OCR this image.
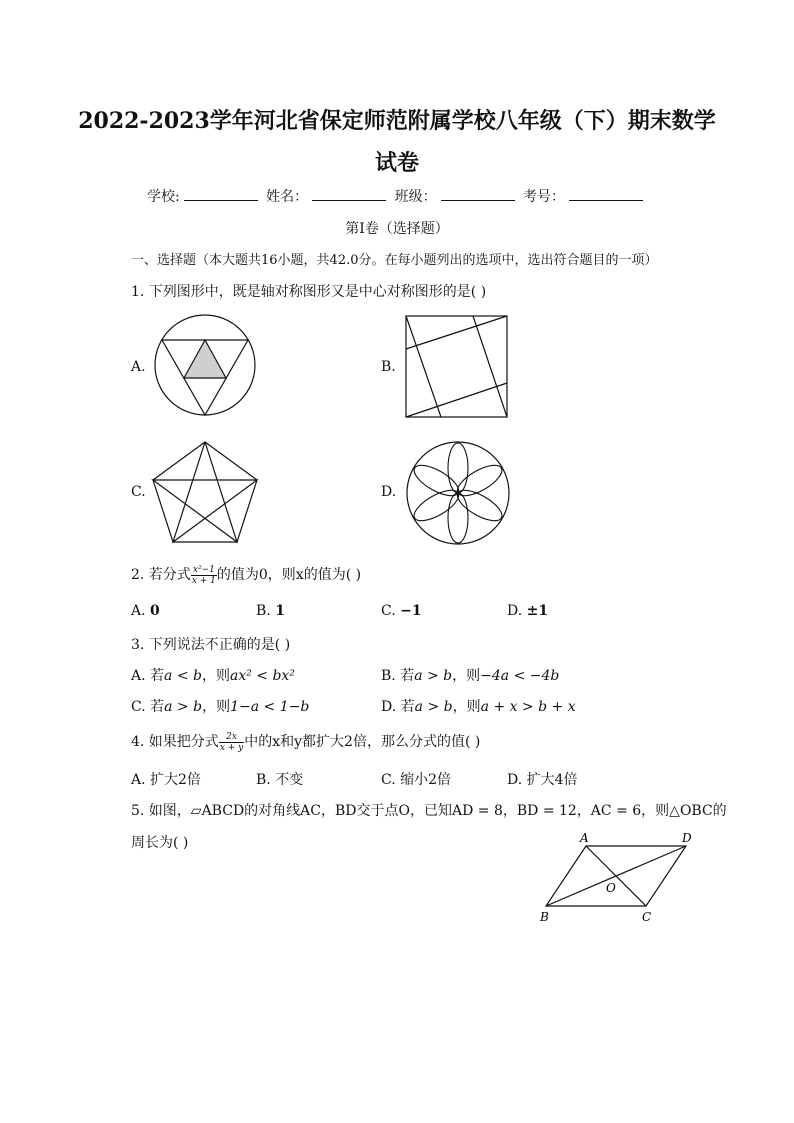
2022-2023学年河北省保定师范附属学校八年级（下）期末数学
试卷
学校:	姓名：	班级：	考号：
第I卷（选择题）
一、选择题（本大题共16小题，共42.0分。在每小题列出的选项中，选出符合题目的一项）
1. 下列图形中，既是轴对称图形又是中心对称图形的是( )
A.	B.
C.	D.
2. 若分式 $\frac{\text{x²−1}}{x + 1}$ 的值为0，则x的值为( )
A. 0	B. 1	C. −1	D. ±1
3. 下列说法不正确的是( )
A. 若a < b，则ax² < bx²	B. 若a > b，则−4a < −4b
C. 若a > b，则1−a < 1−b	D. 若a > b，则a + x > b + x
4. 如果把分式 $\frac{2x}{x + y}$ 中的x和y都扩大2倍，那么分式的值( )
A. 扩大2倍	B. 不变	C. 缩小2倍	D. 扩大4倍
5. 如图，▱ABCD的对角线AC，BD交于点O，已知AD = 8，BD = 12，AC = 6，则△OBC的
周长为( )	A	D
B	C
O
